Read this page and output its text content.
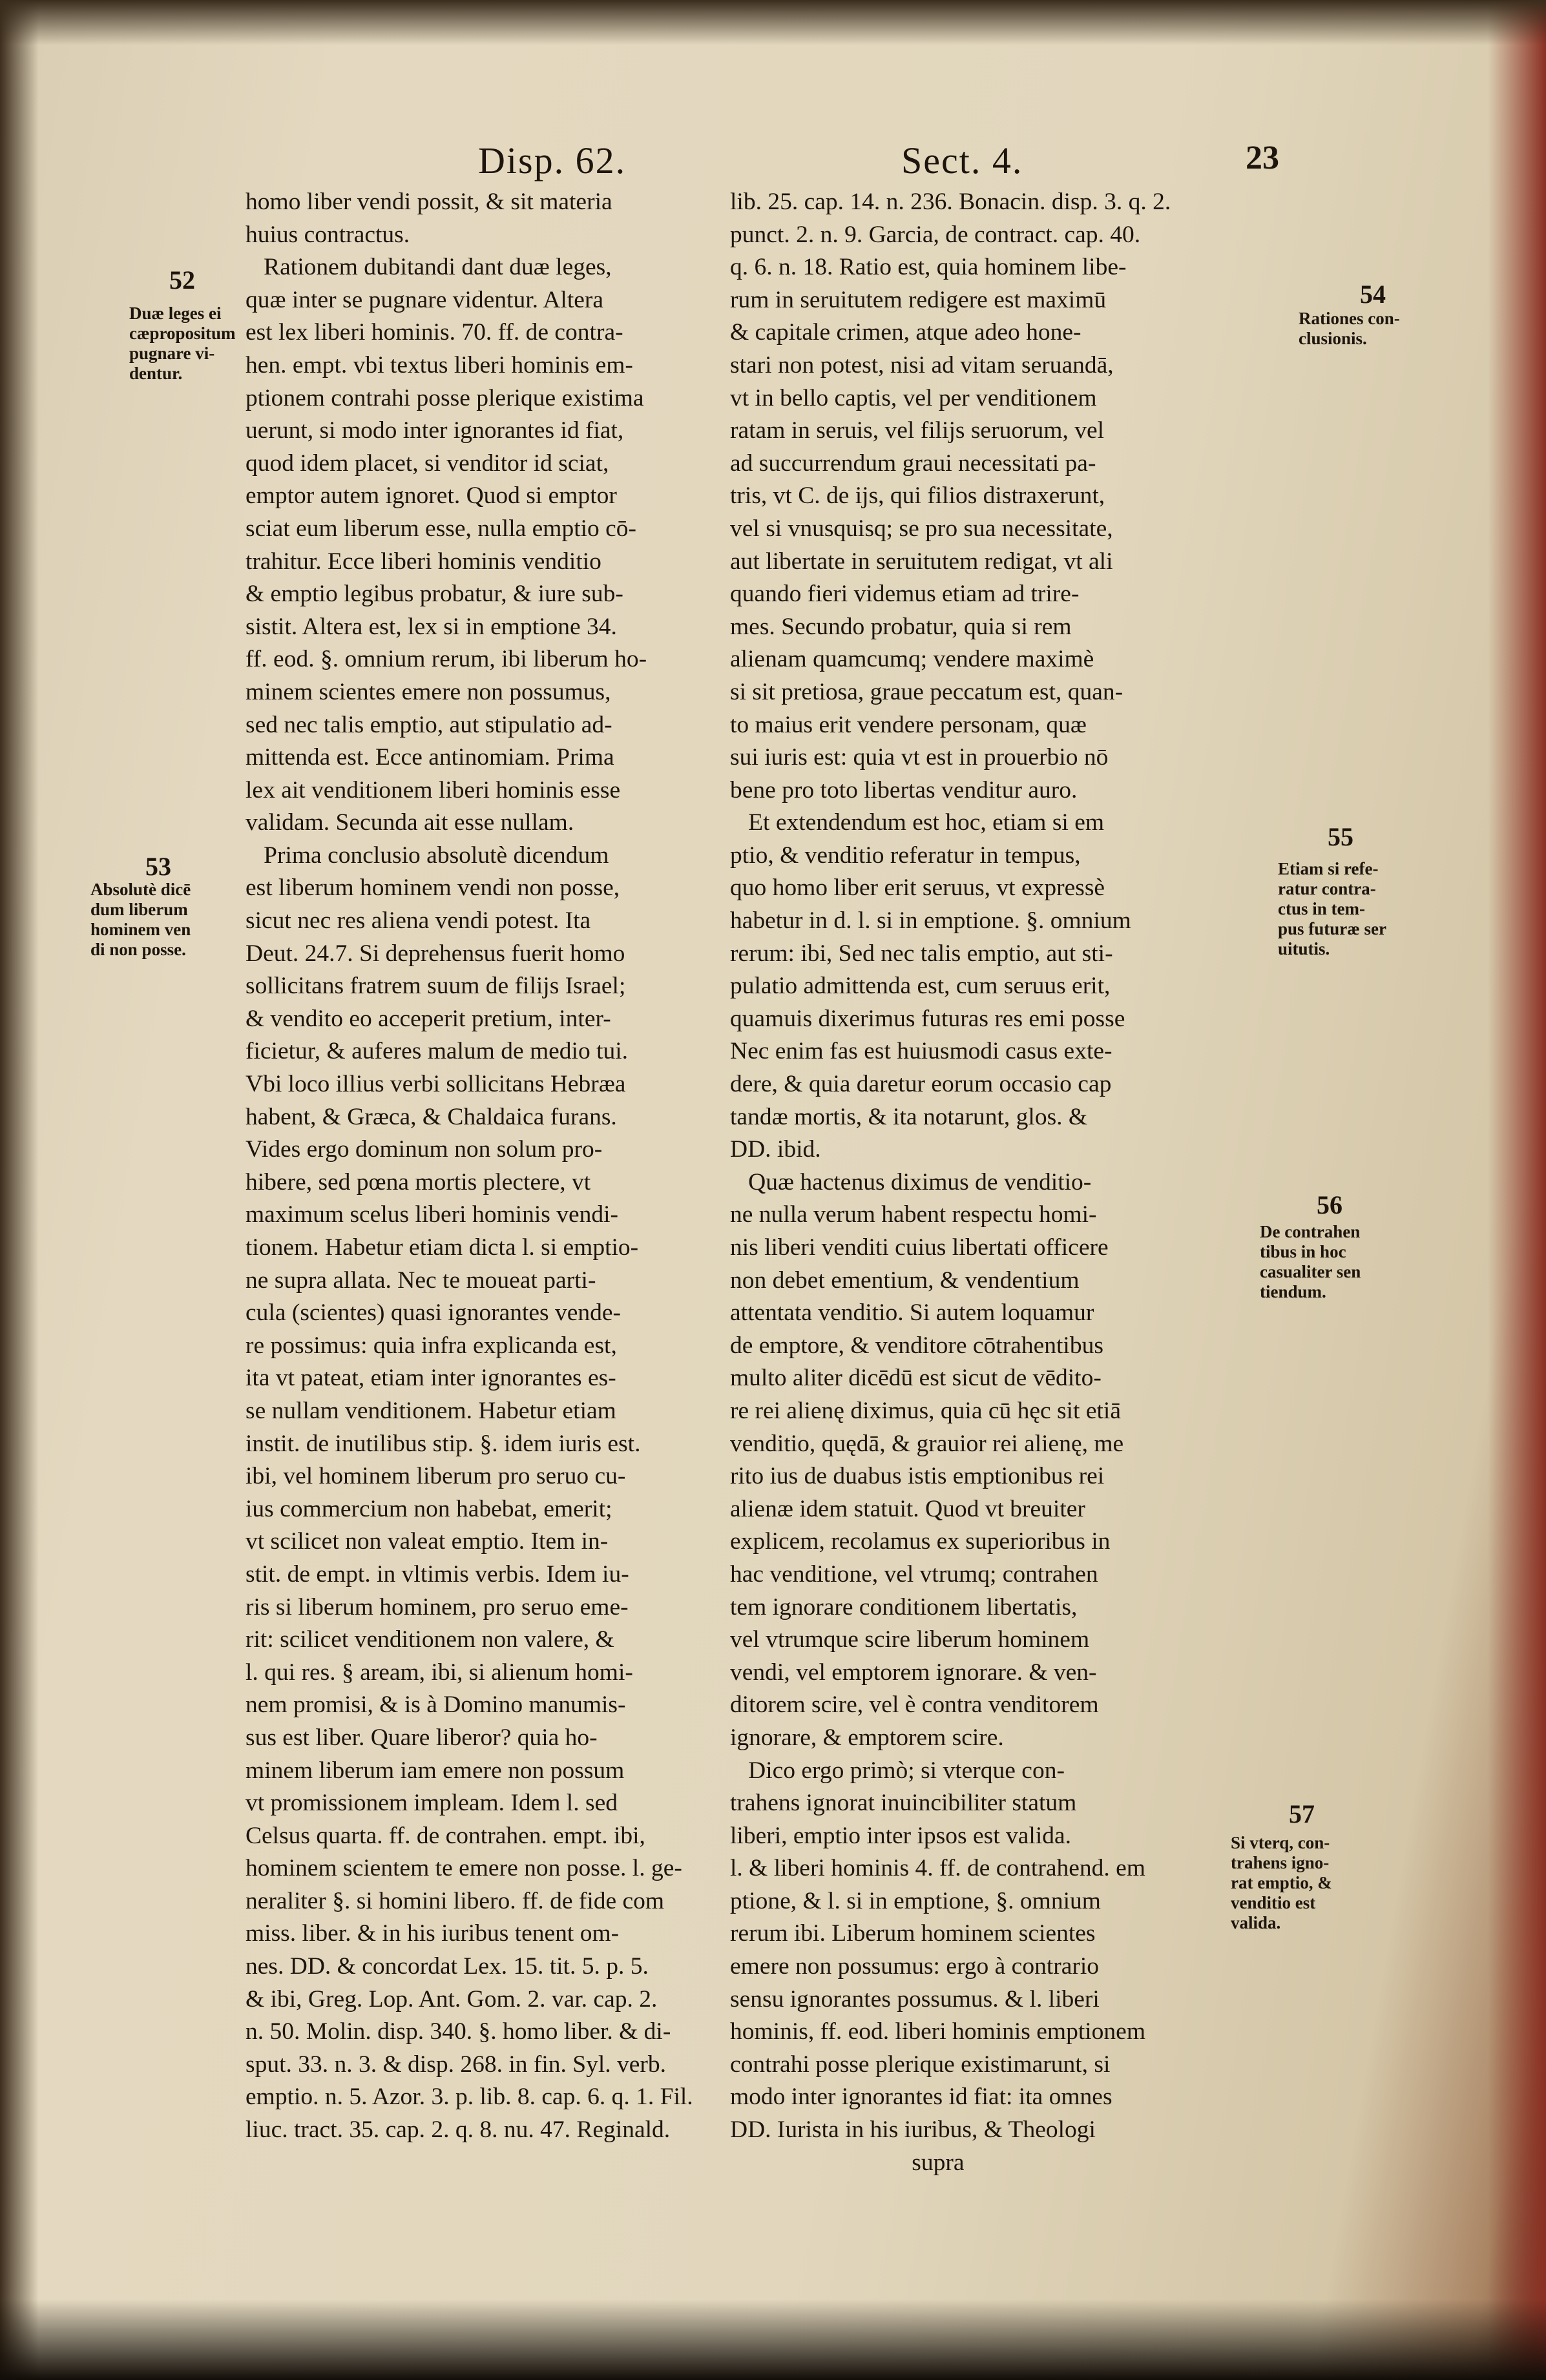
Disp. 62.	Sect. 4.	23
homo liber vendi possit, & sit materia
huius contractus.
Rationem dubitandi dant duæ leges,
quæ inter se pugnare videntur. Altera
est lex liberi hominis. 70. ff. de contra-
hen. empt. vbi textus liberi hominis em-
ptionem contrahi posse plerique existima
uerunt, si modo inter ignorantes id fiat,
quod idem placet, si venditor id sciat,
emptor autem ignoret. Quod si emptor
sciat eum liberum esse, nulla emptio cō-
trahitur. Ecce liberi hominis venditio
& emptio legibus probatur, & iure sub-
sistit. Altera est, lex si in emptione 34.
ff. eod. §. omnium rerum, ibi liberum ho-
minem scientes emere non possumus,
sed nec talis emptio, aut stipulatio ad-
mittenda est. Ecce antinomiam. Prima
lex ait venditionem liberi hominis esse
validam. Secunda ait esse nullam.
Prima conclusio absolutè dicendum
est liberum hominem vendi non posse,
sicut nec res aliena vendi potest. Ita
Deut. 24.7. Si deprehensus fuerit homo
sollicitans fratrem suum de filijs Israel;
& vendito eo acceperit pretium, inter-
ficietur, & auferes malum de medio tui.
Vbi loco illius verbi sollicitans Hebræa
habent, & Græca, & Chaldaica furans.
Vides ergo dominum non solum pro-
hibere, sed pœna mortis plectere, vt
maximum scelus liberi hominis vendi-
tionem. Habetur etiam dicta l. si emptio-
ne supra allata. Nec te moueat parti-
cula (scientes) quasi ignorantes vende-
re possimus: quia infra explicanda est,
ita vt pateat, etiam inter ignorantes es-
se nullam venditionem. Habetur etiam
instit. de inutilibus stip. §. idem iuris est.
ibi, vel hominem liberum pro seruo cu-
ius commercium non habebat, emerit;
vt scilicet non valeat emptio. Item in-
stit. de empt. in vltimis verbis. Idem iu-
ris si liberum hominem, pro seruo eme-
rit: scilicet venditionem non valere, &
l. qui res. § aream, ibi, si alienum homi-
nem promisi, & is à Domino manumis-
sus est liber. Quare liberor? quia ho-
minem liberum iam emere non possum
vt promissionem impleam. Idem l. sed
Celsus quarta. ff. de contrahen. empt. ibi,
hominem scientem te emere non posse. l. ge-
neraliter §. si homini libero. ff. de fide com
miss. liber. & in his iuribus tenent om-
nes. DD. & concordat Lex. 15. tit. 5. p. 5.
& ibi, Greg. Lop. Ant. Gom. 2. var. cap. 2.
n. 50. Molin. disp. 340. §. homo liber. & di-
sput. 33. n. 3. & disp. 268. in fin. Syl. verb.
emptio. n. 5. Azor. 3. p. lib. 8. cap. 6. q. 1. Fil.
liuc. tract. 35. cap. 2. q. 8. nu. 47. Reginald.
lib. 25. cap. 14. n. 236. Bonacin. disp. 3. q. 2.
punct. 2. n. 9. Garcia, de contract. cap. 40.
q. 6. n. 18. Ratio est, quia hominem libe-
rum in seruitutem redigere est maximū
& capitale crimen, atque adeo hone-
stari non potest, nisi ad vitam seruandā,
vt in bello captis, vel per venditionem
ratam in seruis, vel filijs seruorum, vel
ad succurrendum graui necessitati pa-
tris, vt C. de ijs, qui filios distraxerunt,
vel si vnusquisq; se pro sua necessitate,
aut libertate in seruitutem redigat, vt ali
quando fieri videmus etiam ad trire-
mes. Secundo probatur, quia si rem
alienam quamcumq; vendere maximè
si sit pretiosa, graue peccatum est, quan-
to maius erit vendere personam, quæ
sui iuris est: quia vt est in prouerbio nō
bene pro toto libertas venditur auro.
Et extendendum est hoc, etiam si em
ptio, & venditio referatur in tempus,
quo homo liber erit seruus, vt expressè
habetur in d. l. si in emptione. §. omnium
rerum: ibi, Sed nec talis emptio, aut sti-
pulatio admittenda est, cum seruus erit,
quamuis dixerimus futuras res emi posse
Nec enim fas est huiusmodi casus exte-
dere, & quia daretur eorum occasio cap
tandæ mortis, & ita notarunt, glos. &
DD. ibid.
Quæ hactenus diximus de venditio-
ne nulla verum habent respectu homi-
nis liberi venditi cuius libertati officere
non debet ementium, & vendentium
attentata venditio. Si autem loquamur
de emptore, & venditore cōtrahentibus
multo aliter dicēdū est sicut de vēdito-
re rei alienę diximus, quia cū hęc sit etiā
venditio, quędā, & grauior rei alienę, me
rito ius de duabus istis emptionibus rei
alienæ idem statuit. Quod vt breuiter
explicem, recolamus ex superioribus in
hac venditione, vel vtrumq; contrahen
tem ignorare conditionem libertatis,
vel vtrumque scire liberum hominem
vendi, vel emptorem ignorare. & ven-
ditorem scire, vel è contra venditorem
ignorare, & emptorem scire.
Dico ergo primò; si vterque con-
trahens ignorat inuincibiliter statum
liberi, emptio inter ipsos est valida.
l. & liberi hominis 4. ff. de contrahend. em
ptione, & l. si in emptione, §. omnium
rerum ibi. Liberum hominem scientes
emere non possumus: ergo à contrario
sensu ignorantes possumus. & l. liberi
hominis, ff. eod. liberi hominis emptionem
contrahi posse plerique existimarunt, si
modo inter ignorantes id fiat: ita omnes
DD. Iurista in his iuribus, & Theologi
supra
52
Duæ leges ei
cæpropositum
pugnare vi-
dentur.
53
Absolutè dicē
dum liberum
hominem ven
di non posse.
54
Rationes con-
clusionis.
55
Etiam si refe-
ratur contra-
ctus in tem-
pus futuræ ser
uitutis.
56
De contrahen
tibus in hoc
casualiter sen
tiendum.
57
Si vterq, con-
trahens igno-
rat emptio, &
venditio est
valida.
